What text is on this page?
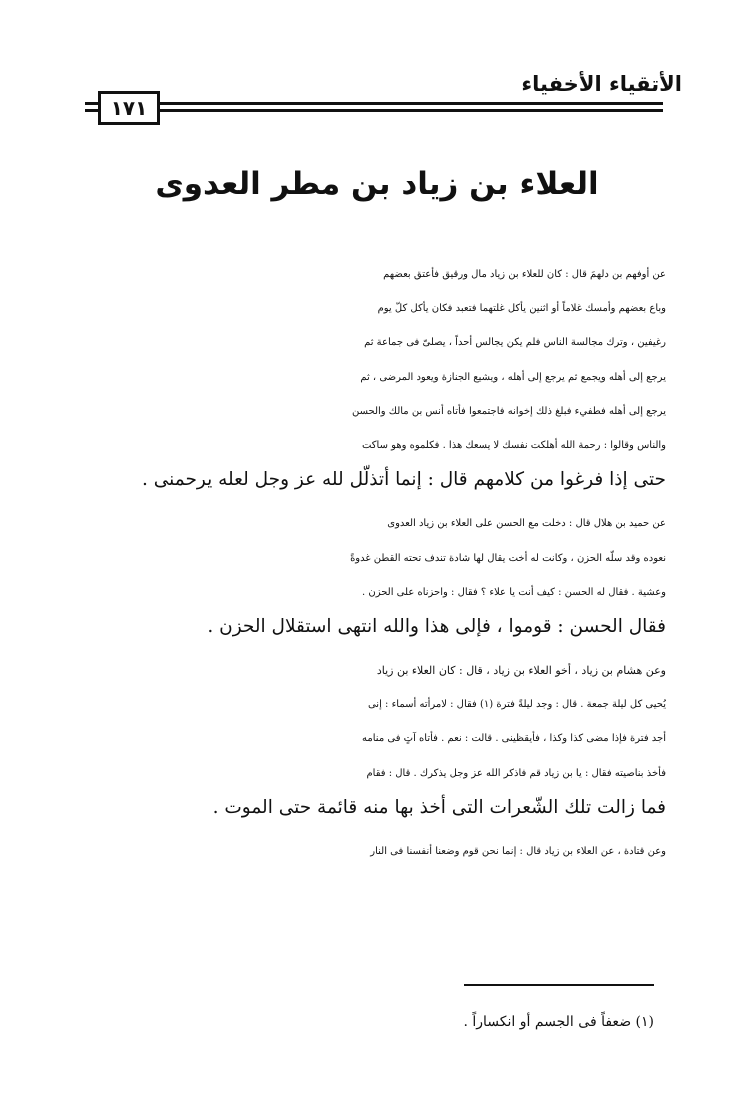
الأتقياء الأخفياء
١٧١
العلاء بن زياد بن مطر العدوى
عن أوفهم بن دلهمَ قال : كان للعلاء بن زياد مال ورقيق فأعتق بعضهم
وباع بعضهم وأمسك غلاماً أو اثنين يأكل غلتهما فتعبد فكان يأكل كلّ يوم
رغيفين ، وترك مجالسة الناس فلم يكن يجالس أحداً ، يصلىّ فى جماعة ثم
يرجع إلى أهله ويجمع ثم يرجع إلى أهله ، ويشيع الجنازة ويعود المرضى ، ثم
يرجع إلى أهله فطفيء فبلغ ذلك إخوانه فاجتمعوا فأتاه أنس بن مالك والحسن
والناس وقالوا : رحمة الله أهلكت نفسك لا يسعك هذا . فكلموه وهو ساكت
حتى إذا فرغوا من كلامهم قال : إنما أتذلّل لله عز وجل لعله يرحمنى .
عن حميد بن هلال قال : دخلت مع الحسن على العلاء بن زياد العدوى
نعوده وقد سلّه الحزن ، وكانت له أخت يقال لها شادة تندف تحته القطن غدوةً
وعشية . فقال له الحسن : كيف أنت يا علاء ؟ فقال : واحزناه على الحزن .
فقال الحسن : قوموا ، فإلى هذا والله انتهى استقلال الحزن .
وعن هشام بن زياد ، أخو العلاء بن زياد ، قال : كان العلاء بن زياد
يُحيى كل ليلة جمعة . قال : وجد ليلةً فترة (١) فقال : لامرأته أسماء : إنى
أجد فترة فإذا مضى كذا وكذا ، فأيقظينى . قالت : نعم . فأتاه آتٍ فى منامه
فأخذ بناصيته فقال : يا بن زياد قم فاذكر الله عز وجل يذكرك . قال : فقام
فما زالت تلك الشّعرات التى أخذ بها منه قائمة حتى الموت .
وعن قتادة ، عن العلاء بن زياد قال : إنما نحن قوم وضعنا أنفسنا فى النار
(١) ضعفاً فى الجسم أو انكساراً .
